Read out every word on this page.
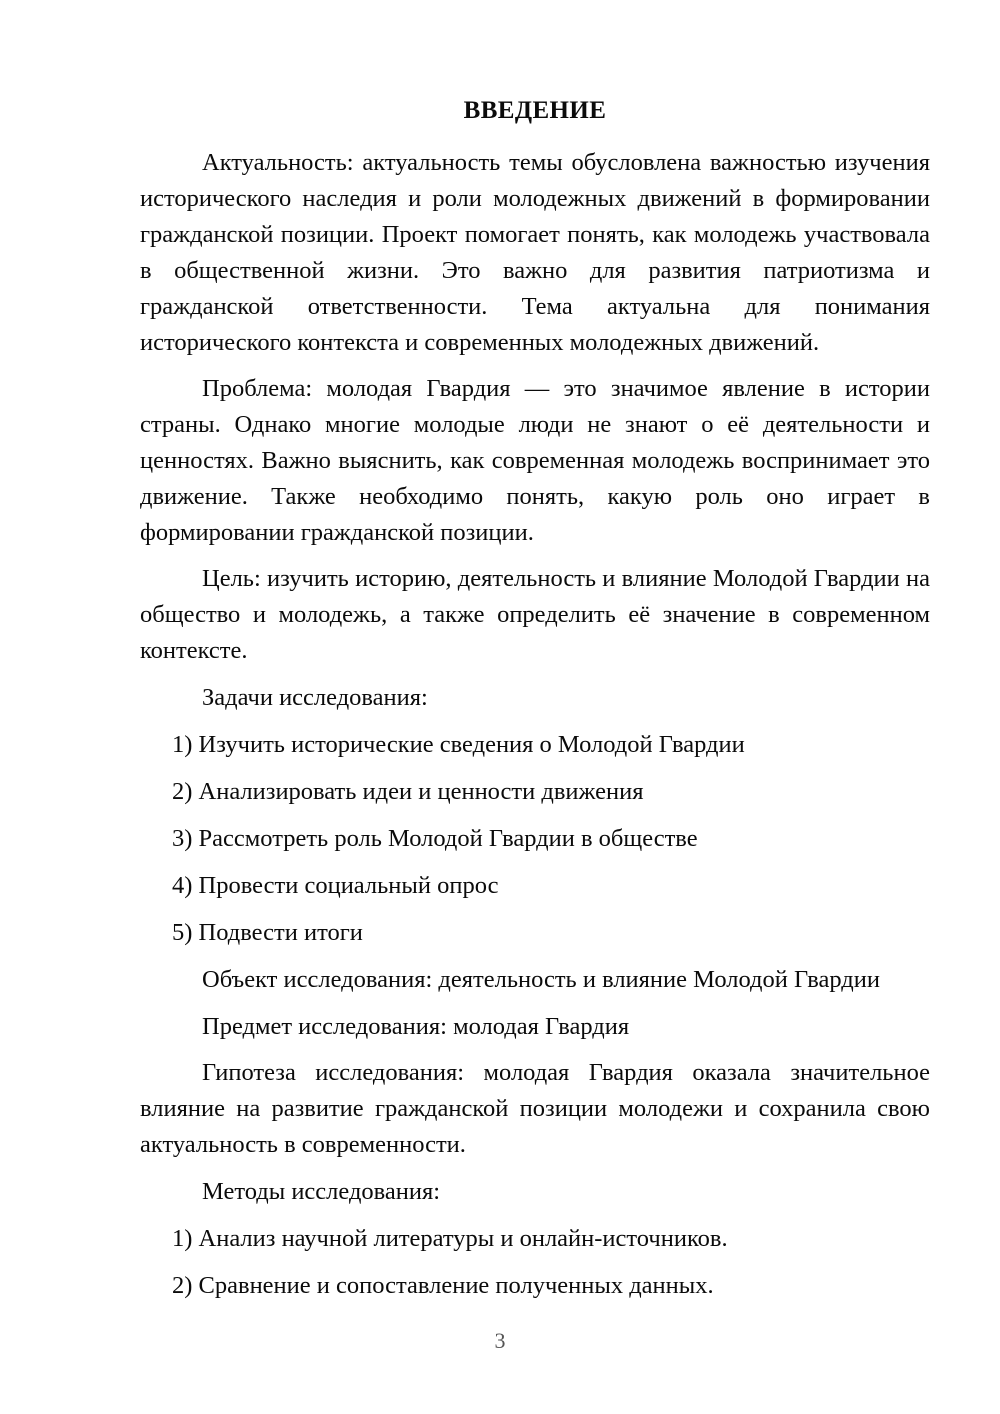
ВВЕДЕНИЕ

Актуальность: актуальность темы обусловлена важностью изучения исторического наследия и роли молодежных движений в формировании гражданской позиции. Проект помогает понять, как молодежь участвовала в общественной жизни. Это важно для развития патриотизма и гражданской ответственности. Тема актуальна для понимания исторического контекста и современных молодежных движений.

Проблема: молодая Гвардия — это значимое явление в истории страны. Однако многие молодые люди не знают о её деятельности и ценностях. Важно выяснить, как современная молодежь воспринимает это движение. Также необходимо понять, какую роль оно играет в формировании гражданской позиции.

Цель: изучить историю, деятельность и влияние Молодой Гвардии на общество и молодежь, а также определить её значение в современном контексте.

Задачи исследования:

1) Изучить исторические сведения о Молодой Гвардии
2) Анализировать идеи и ценности движения
3) Рассмотреть роль Молодой Гвардии в обществе
4) Провести социальный опрос
5) Подвести итоги

Объект исследования: деятельность и влияние Молодой Гвардии

Предмет исследования: молодая Гвардия

Гипотеза исследования: молодая Гвардия оказала значительное влияние на развитие гражданской позиции молодежи и сохранила свою актуальность в современности.

Методы исследования:

1) Анализ научной литературы и онлайн-источников.
2) Сравнение и сопоставление полученных данных.
3
